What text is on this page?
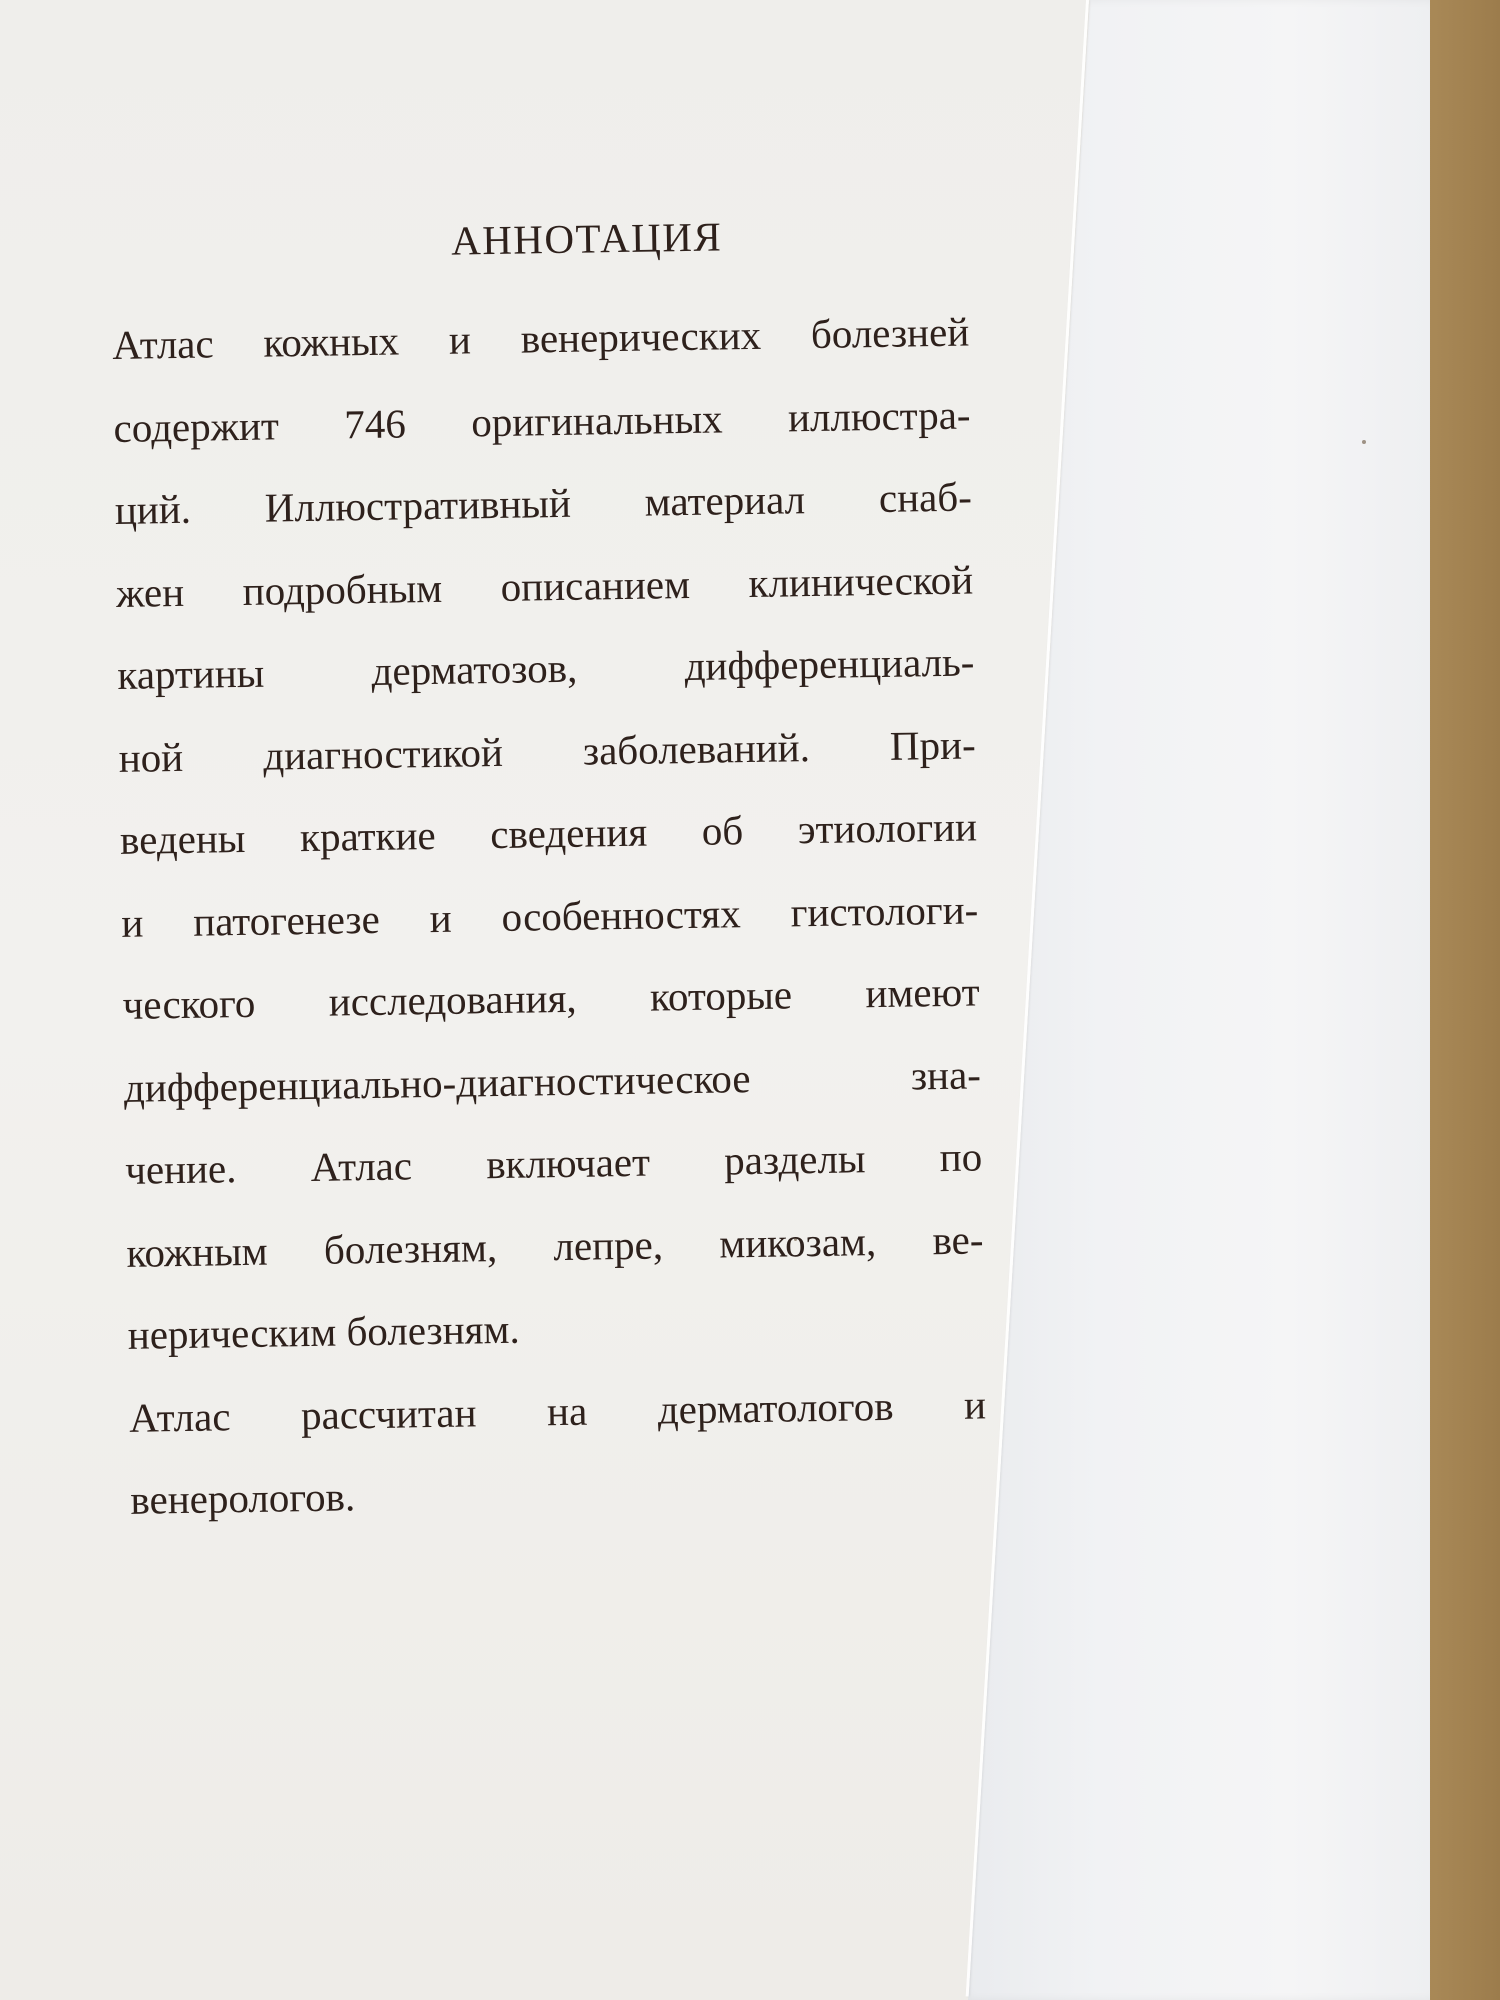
АННОТАЦИЯ
Атлас кожных и венерических болезней
содержит 746 оригинальных иллюстра-
ций. Иллюстративный материал снаб-
жен подробным описанием клинической
картины дерматозов, дифференциаль-
ной диагностикой заболеваний. При-
ведены краткие сведения об этиологии
и патогенезе и особенностях гистологи-
ческого исследования, которые имеют
дифференциально-диагностическое зна-
чение. Атлас включает разделы по
кожным болезням, лепре, микозам, ве-
нерическим болезням.
Атлас рассчитан на дерматологов и
венерологов.
